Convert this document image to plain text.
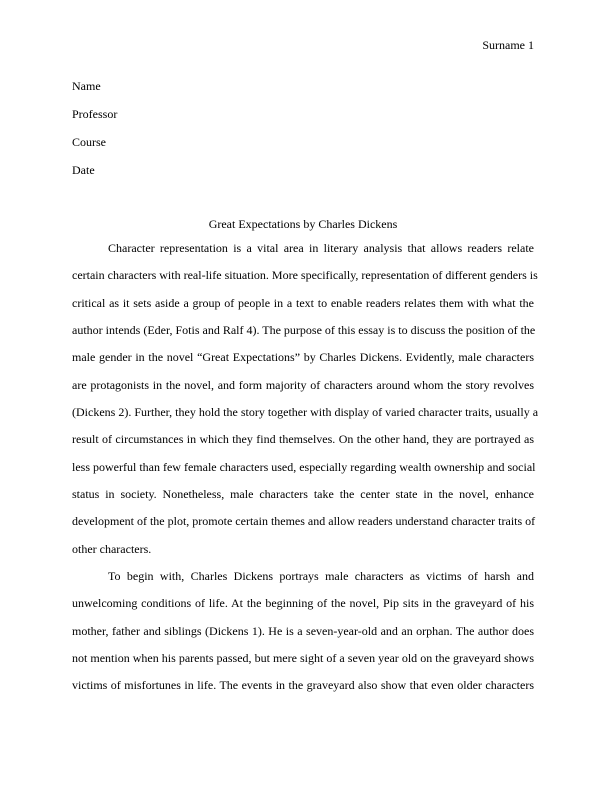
Surname 1
Name
Professor
Course
Date
Great Expectations by Charles Dickens
Character representation is a vital area in literary analysis that allows readers relate
certain characters with real-life situation. More specifically, representation of different genders is
critical as it sets aside a group of people in a text to enable readers relates them with what the
author intends (Eder, Fotis and Ralf 4). The purpose of this essay is to discuss the position of the
male gender in the novel “Great Expectations” by Charles Dickens. Evidently, male characters
are protagonists in the novel, and form majority of characters around whom the story revolves
(Dickens 2). Further, they hold the story together with display of varied character traits, usually a
result of circumstances in which they find themselves. On the other hand, they are portrayed as
less powerful than few female characters used, especially regarding wealth ownership and social
status in society. Nonetheless, male characters take the center state in the novel, enhance
development of the plot, promote certain themes and allow readers understand character traits of
other characters.
To begin with, Charles Dickens portrays male characters as victims of harsh and
unwelcoming conditions of life. At the beginning of the novel, Pip sits in the graveyard of his
mother, father and siblings (Dickens 1). He is a seven-year-old and an orphan. The author does
not mention when his parents passed, but mere sight of a seven year old on the graveyard shows
victims of misfortunes in life. The events in the graveyard also show that even older characters
